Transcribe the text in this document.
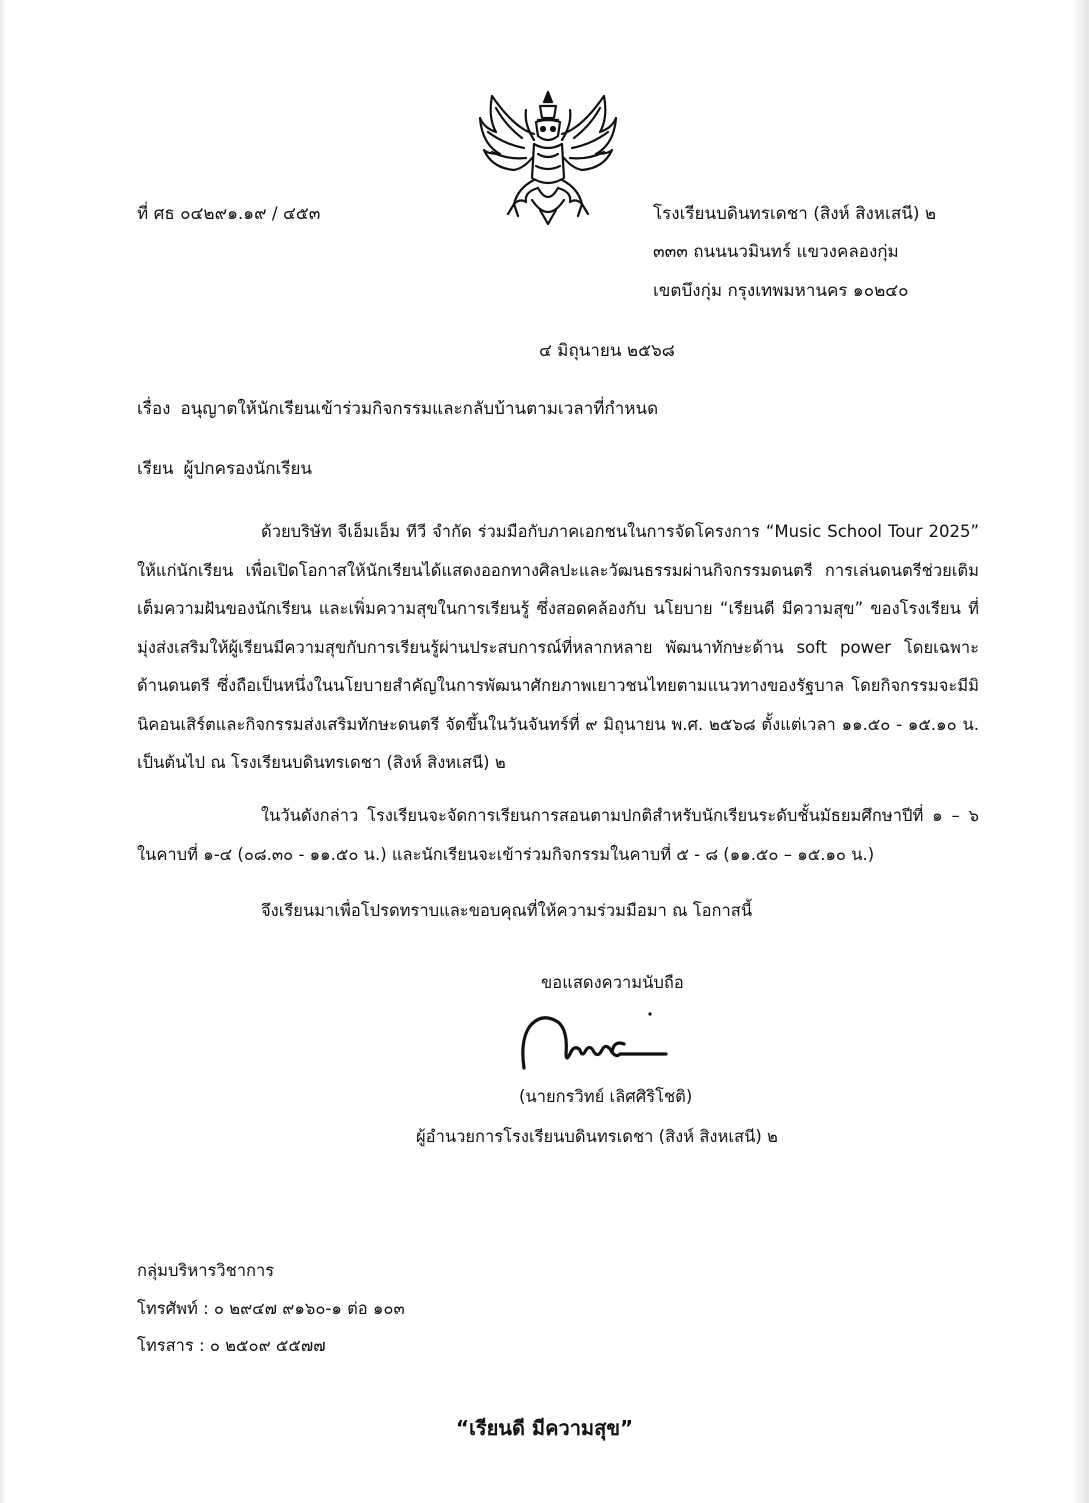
ที่ ศธ ๐๔๒๙๑.๑๙ / ๔๕๓	โรงเรียนบดินทรเดชา (สิงห์ สิงหเสนี) ๒
๓๓๓ ถนนนวมินทร์ แขวงคลองกุ่ม
เขตบึงกุ่ม กรุงเทพมหานคร ๑๐๒๔๐
๔ มิถุนายน ๒๕๖๘
เรื่อง อนุญาตให้นักเรียนเข้าร่วมกิจกรรมและกลับบ้านตามเวลาที่กำหนด
เรียน ผู้ปกครองนักเรียน
ด้วยบริษัท จีเอ็มเอ็ม ทีวี จำกัด ร่วมมือกับภาคเอกชนในการจัดโครงการ “Music School Tour 2025” ให้แก่นักเรียน เพื่อเปิดโอกาสให้นักเรียนได้แสดงออกทางศิลปะและวัฒนธรรมผ่านกิจกรรมดนตรี การเล่นดนตรีช่วยเติมเต็มความฝันของนักเรียน และเพิ่มความสุขในการเรียนรู้ ซึ่งสอดคล้องกับ นโยบาย “เรียนดี มีความสุข” ของโรงเรียน ที่มุ่งส่งเสริมให้ผู้เรียนมีความสุขกับการเรียนรู้ผ่านประสบการณ์ที่หลากหลาย พัฒนาทักษะด้าน soft power โดยเฉพาะด้านดนตรี ซึ่งถือเป็นหนึ่งในนโยบายสำคัญในการพัฒนาศักยภาพเยาวชนไทยตามแนวทางของรัฐบาล โดยกิจกรรมจะมีมินิคอนเสิร์ตและกิจกรรมส่งเสริมทักษะดนตรี จัดขึ้นในวันจันทร์ที่ ๙ มิถุนายน พ.ศ. ๒๕๖๘ ตั้งแต่เวลา ๑๑.๕๐ - ๑๕.๑๐ น. เป็นต้นไป ณ โรงเรียนบดินทรเดชา (สิงห์ สิงหเสนี) ๒
ในวันดังกล่าว โรงเรียนจะจัดการเรียนการสอนตามปกติสำหรับนักเรียนระดับชั้นมัธยมศึกษาปีที่ ๑ – ๖ ในคาบที่ ๑-๔ (๐๘.๓๐ - ๑๑.๕๐ น.) และนักเรียนจะเข้าร่วมกิจกรรมในคาบที่ ๕ - ๘ (๑๑.๕๐ – ๑๕.๑๐ น.)
จึงเรียนมาเพื่อโปรดทราบและขอบคุณที่ให้ความร่วมมือมา ณ โอกาสนี้
ขอแสดงความนับถือ
(นายกรวิทย์ เลิศศิริโชติ)
ผู้อำนวยการโรงเรียนบดินทรเดชา (สิงห์ สิงหเสนี) ๒
กลุ่มบริหารวิชาการ
โทรศัพท์ : ๐ ๒๙๔๗ ๙๑๖๐-๑ ต่อ ๑๐๓
โทรสาร : ๐ ๒๕๐๙ ๕๕๗๗
“เรียนดี มีความสุข”
